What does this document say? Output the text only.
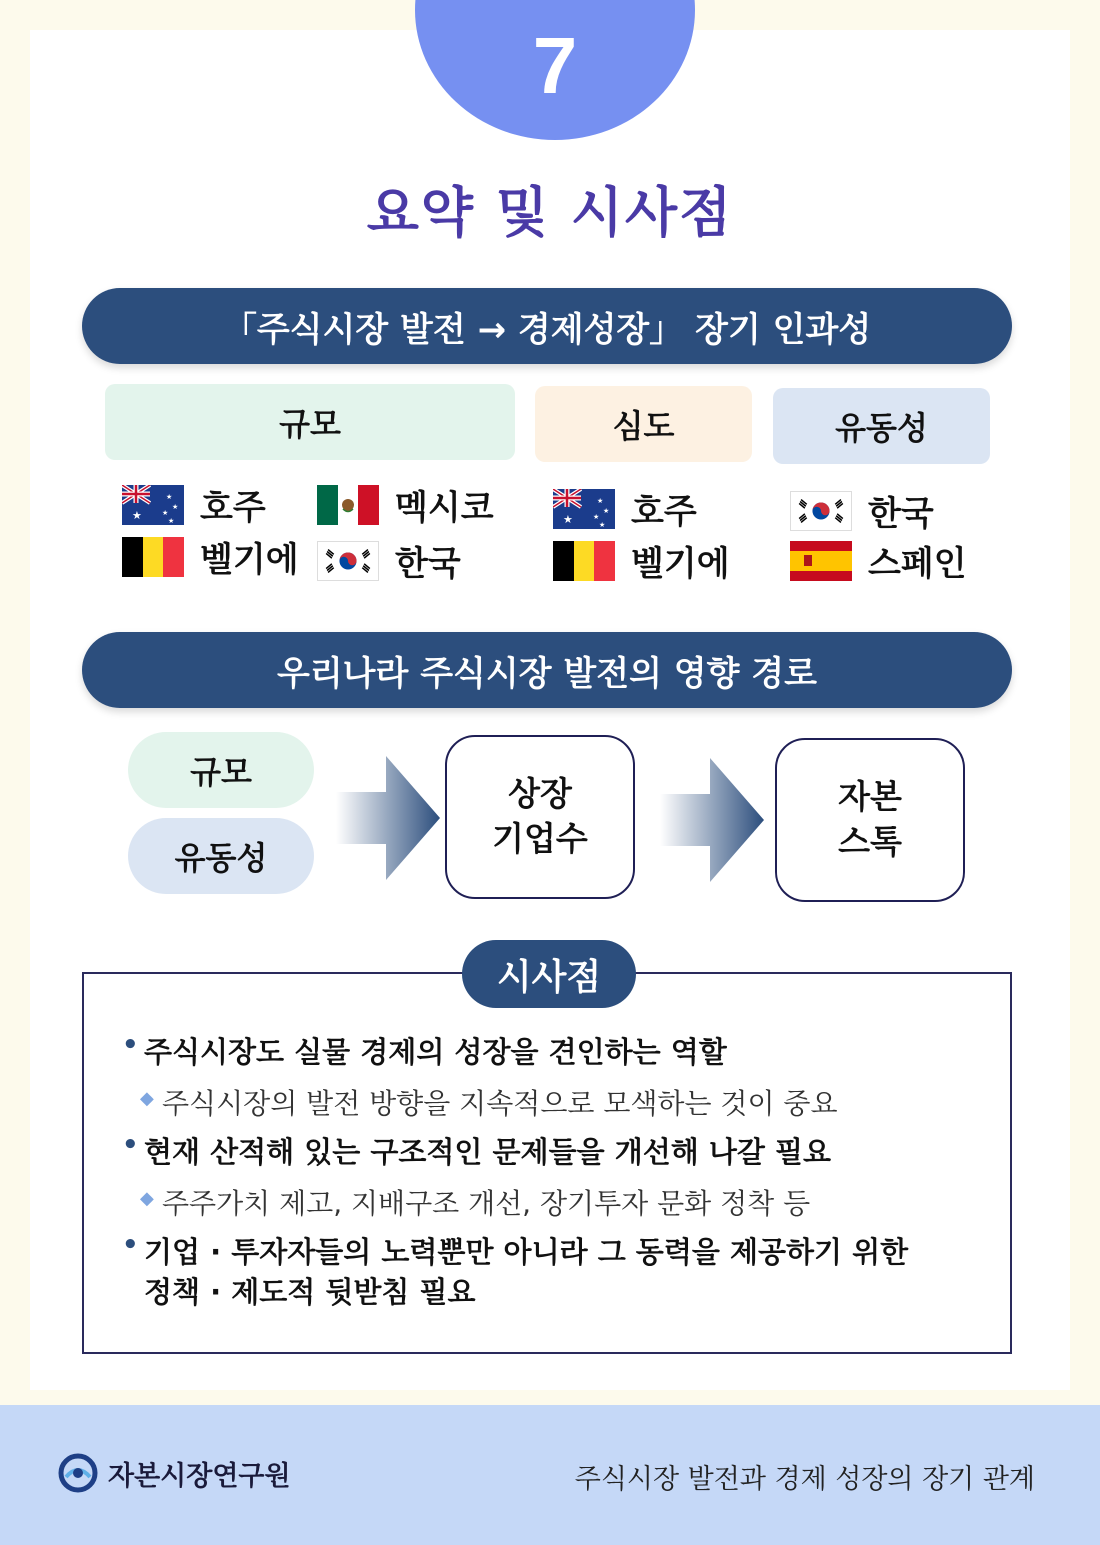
7
요약 및 시사점
「주식시장 발전 → 경제성장」 장기 인과성
규모	심도	유동성
★
★
★
★
★ 호주	멕시코
벨기에	한국
★
★
★
★
★ 호주
벨기에
한국
스페인
우리나라 주식시장 발전의 영향 경로
규모
유동성
상장
기업수
자본
스톡
시사점
• 주식시장도 실물 경제의 성장을 견인하는 역할
◆ 주식시장의 발전 방향을 지속적으로 모색하는 것이 중요
• 현재 산적해 있는 구조적인 문제들을 개선해 나갈 필요
◆ 주주가치 제고, 지배구조 개선, 장기투자 문화 정착 등
• 기업 · 투자자들의 노력뿐만 아니라 그 동력을 제공하기 위한
정책 · 제도적 뒷받침 필요
자본시장연구원	주식시장 발전과 경제 성장의 장기 관계
